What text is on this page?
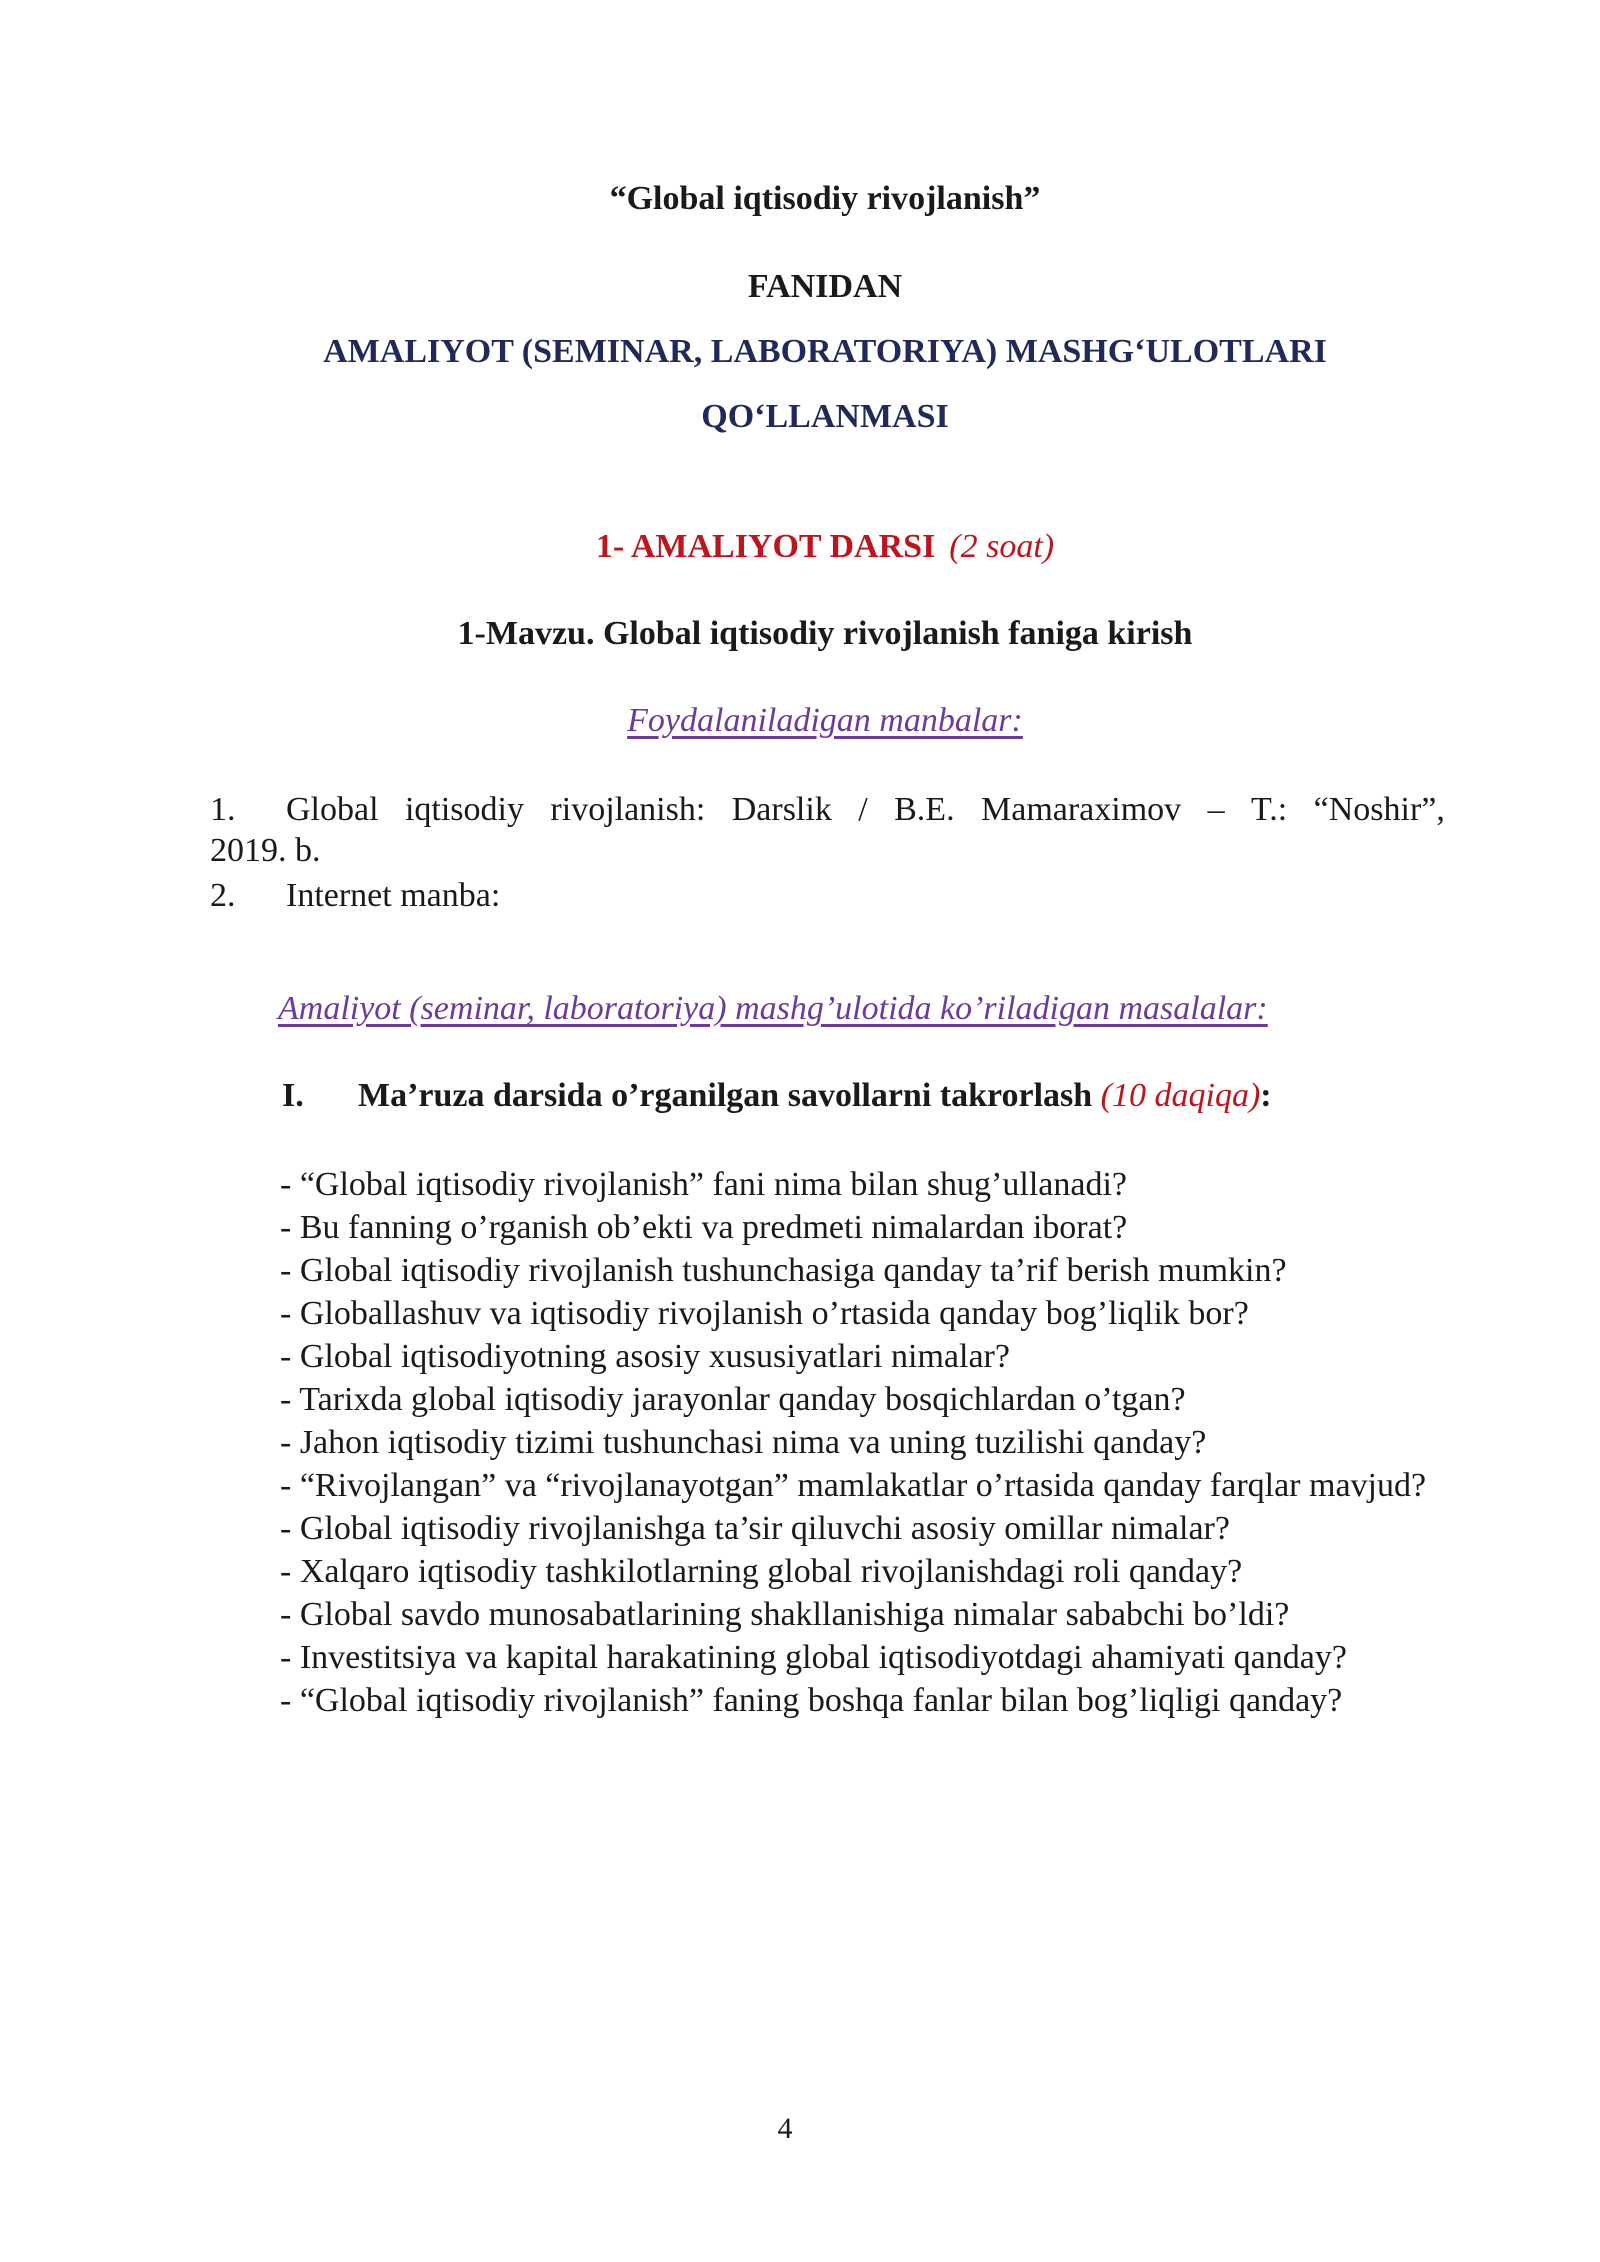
“Global iqtisodiy rivojlanish”
FANIDAN
AMALIYOT (SEMINAR, LABORATORIYA) MASHG‘ULOTLARI
QO‘LLANMASI
1- AMALIYOT DARSI (2 soat)
1-Mavzu. Global iqtisodiy rivojlanish faniga kirish
Foydalaniladigan manbalar:
1.	Global iqtisodiy rivojlanish: Darslik / B.E. Mamaraximov – T.: “Noshir”,
2019. b.
2. Internet manba:
Amaliyot (seminar, laboratoriya) mashg’ulotida ko’riladigan masalalar:
I. Ma’ruza darsida o’rganilgan savollarni takrorlash (10 daqiqa):
- “Global iqtisodiy rivojlanish” fani nima bilan shug’ullanadi?
- Bu fanning o’rganish ob’ekti va predmeti nimalardan iborat?
- Global iqtisodiy rivojlanish tushunchasiga qanday ta’rif berish mumkin?
- Globallashuv va iqtisodiy rivojlanish o’rtasida qanday bog’liqlik bor?
- Global iqtisodiyotning asosiy xususiyatlari nimalar?
- Tarixda global iqtisodiy jarayonlar qanday bosqichlardan o’tgan?
- Jahon iqtisodiy tizimi tushunchasi nima va uning tuzilishi qanday?
- “Rivojlangan” va “rivojlanayotgan” mamlakatlar o’rtasida qanday farqlar mavjud?
- Global iqtisodiy rivojlanishga ta’sir qiluvchi asosiy omillar nimalar?
- Xalqaro iqtisodiy tashkilotlarning global rivojlanishdagi roli qanday?
- Global savdo munosabatlarining shakllanishiga nimalar sababchi bo’ldi?
- Investitsiya va kapital harakatining global iqtisodiyotdagi ahamiyati qanday?
- “Global iqtisodiy rivojlanish” faning boshqa fanlar bilan bog’liqligi qanday?
4
